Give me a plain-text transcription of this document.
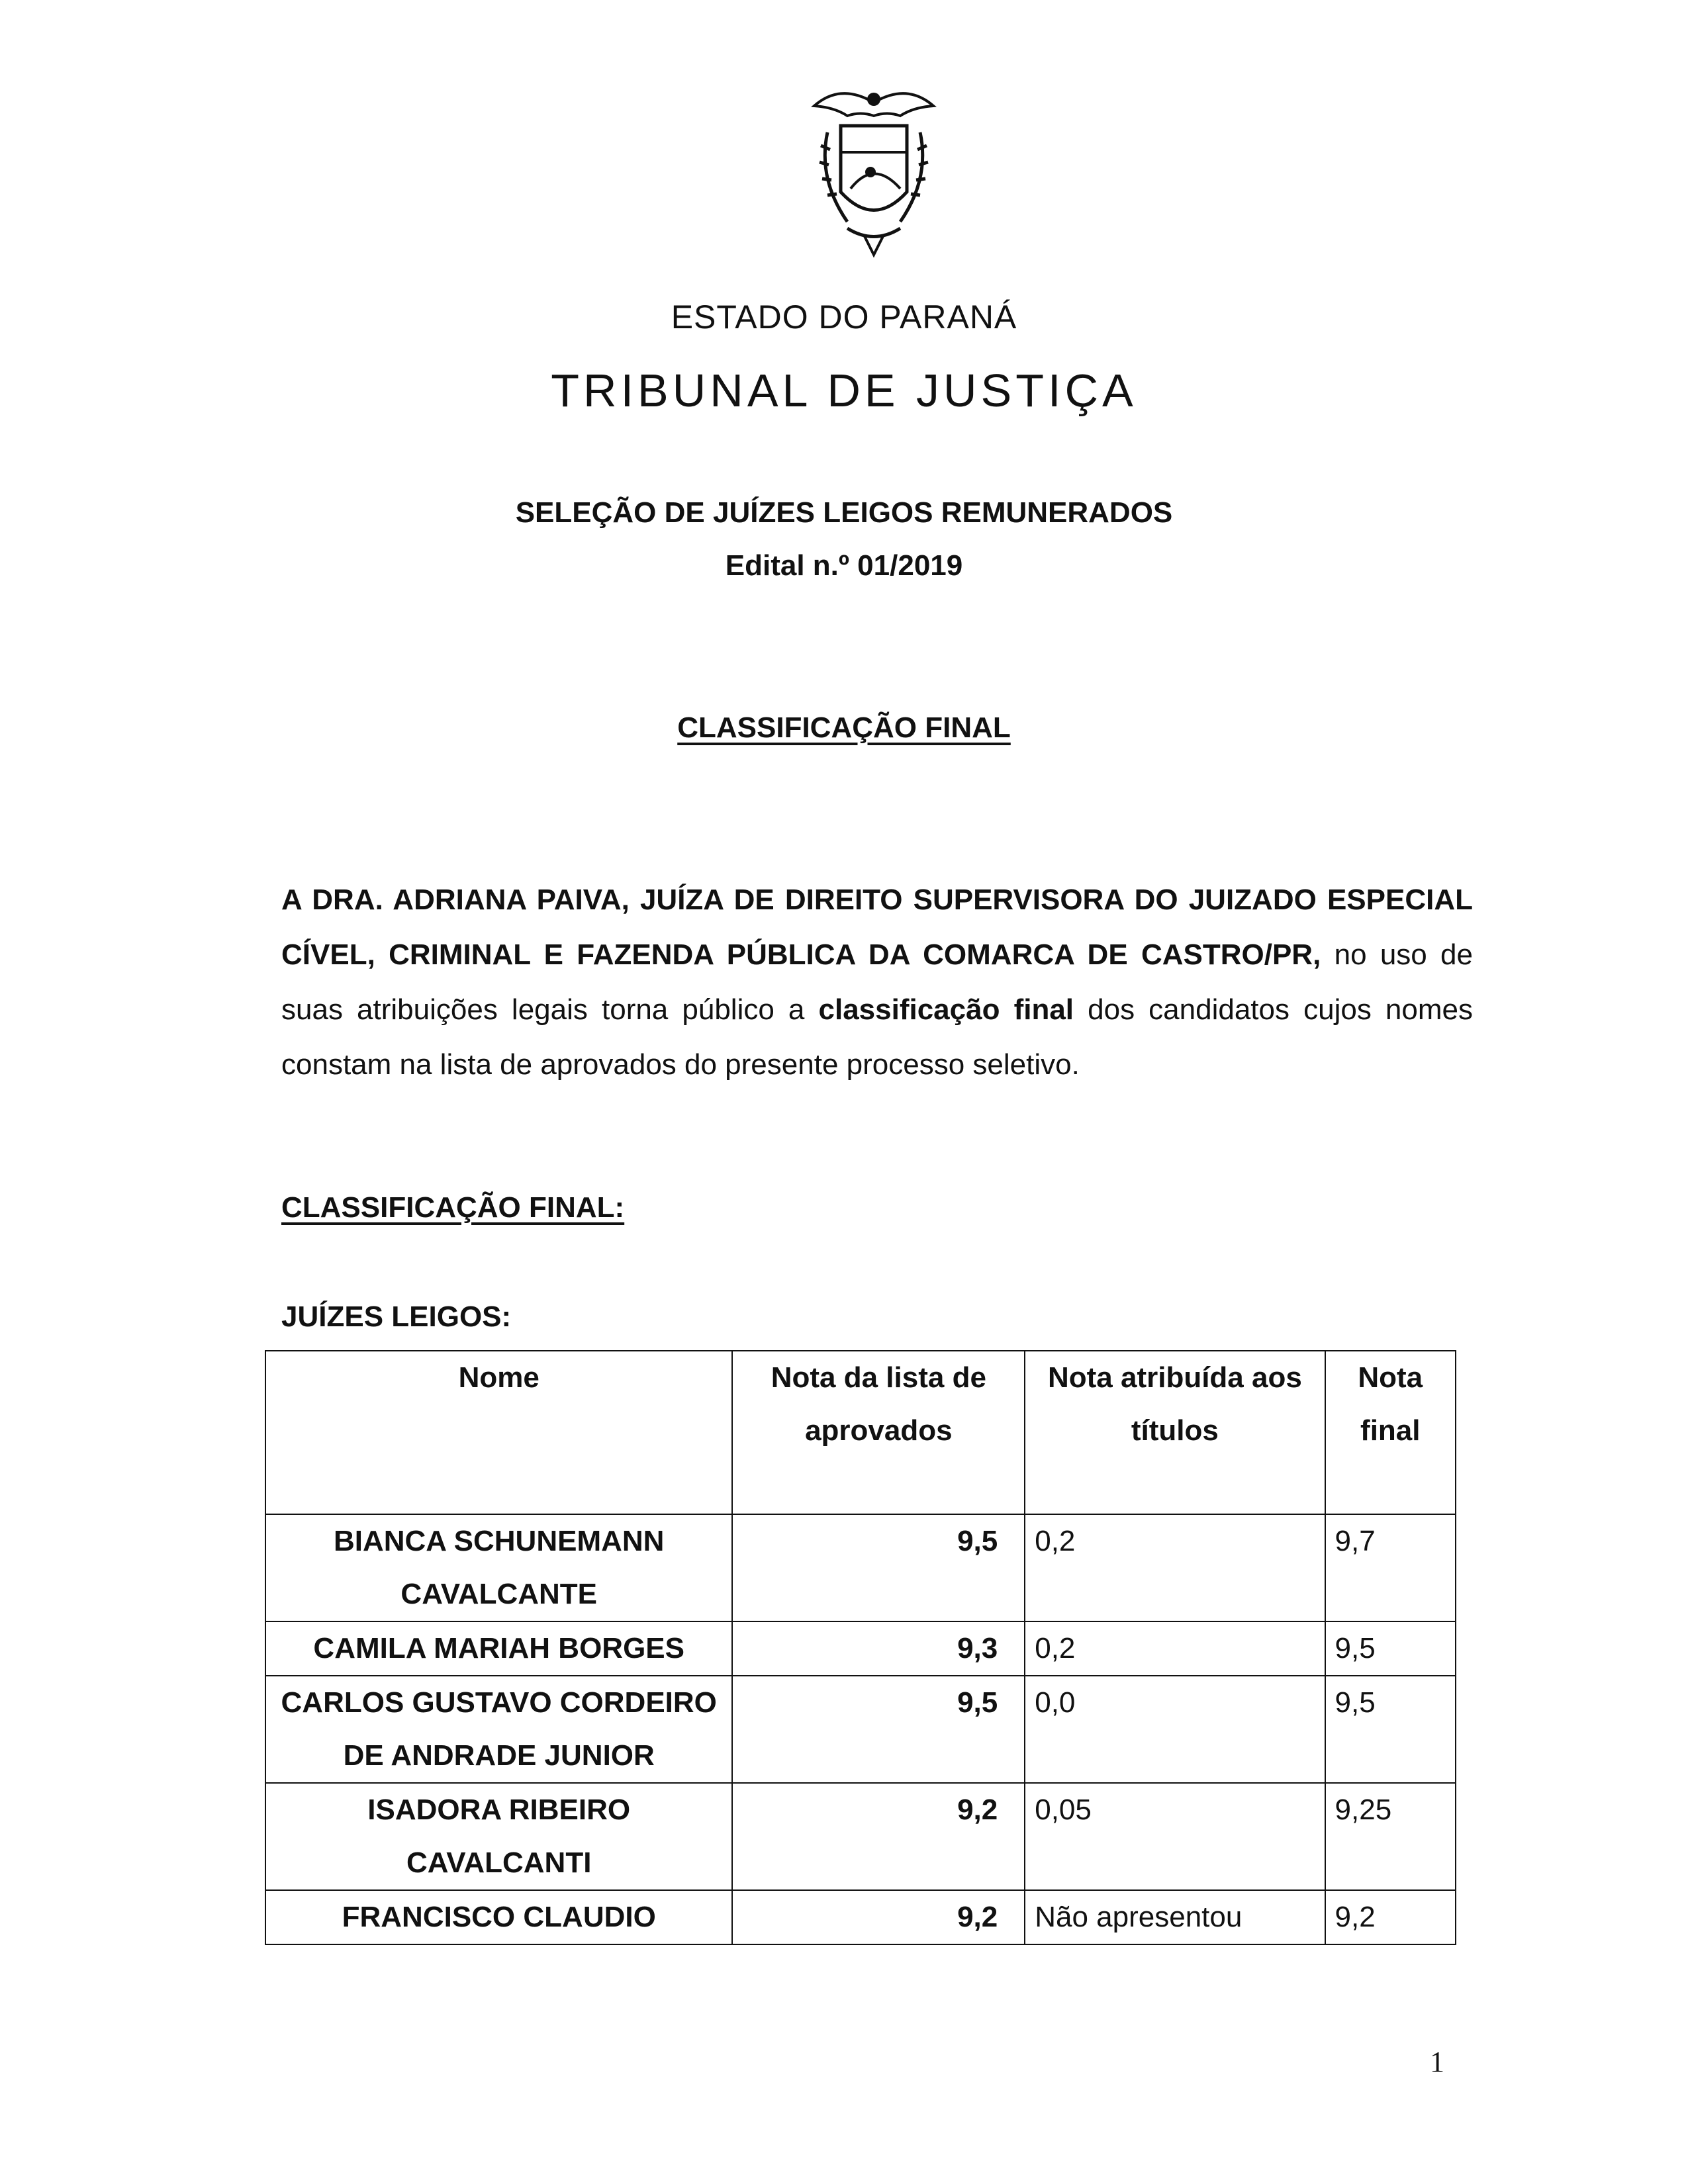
ESTADO DO PARANÁ
TRIBUNAL DE JUSTIÇA
SELEÇÃO DE JUÍZES LEIGOS REMUNERADOS
Edital n.º 01/2019
CLASSIFICAÇÃO FINAL
A DRA. ADRIANA PAIVA, JUÍZA DE DIREITO SUPERVISORA DO JUIZADO ESPECIAL CÍVEL, CRIMINAL E FAZENDA PÚBLICA DA COMARCA DE CASTRO/PR, no uso de suas atribuições legais torna público a classificação final dos candidatos cujos nomes constam na lista de aprovados do presente processo seletivo.
CLASSIFICAÇÃO FINAL:
JUÍZES LEIGOS:
Nome	Nota da lista de aprovados	Nota atribuída aos títulos	Nota final
BIANCA SCHUNEMANN CAVALCANTE	9,5	0,2	9,7
CAMILA MARIAH BORGES	9,3	0,2	9,5
CARLOS GUSTAVO CORDEIRO DE ANDRADE JUNIOR	9,5	0,0	9,5
ISADORA RIBEIRO CAVALCANTI	9,2	0,05	9,25
FRANCISCO CLAUDIO	9,2	Não apresentou	9,2
1
